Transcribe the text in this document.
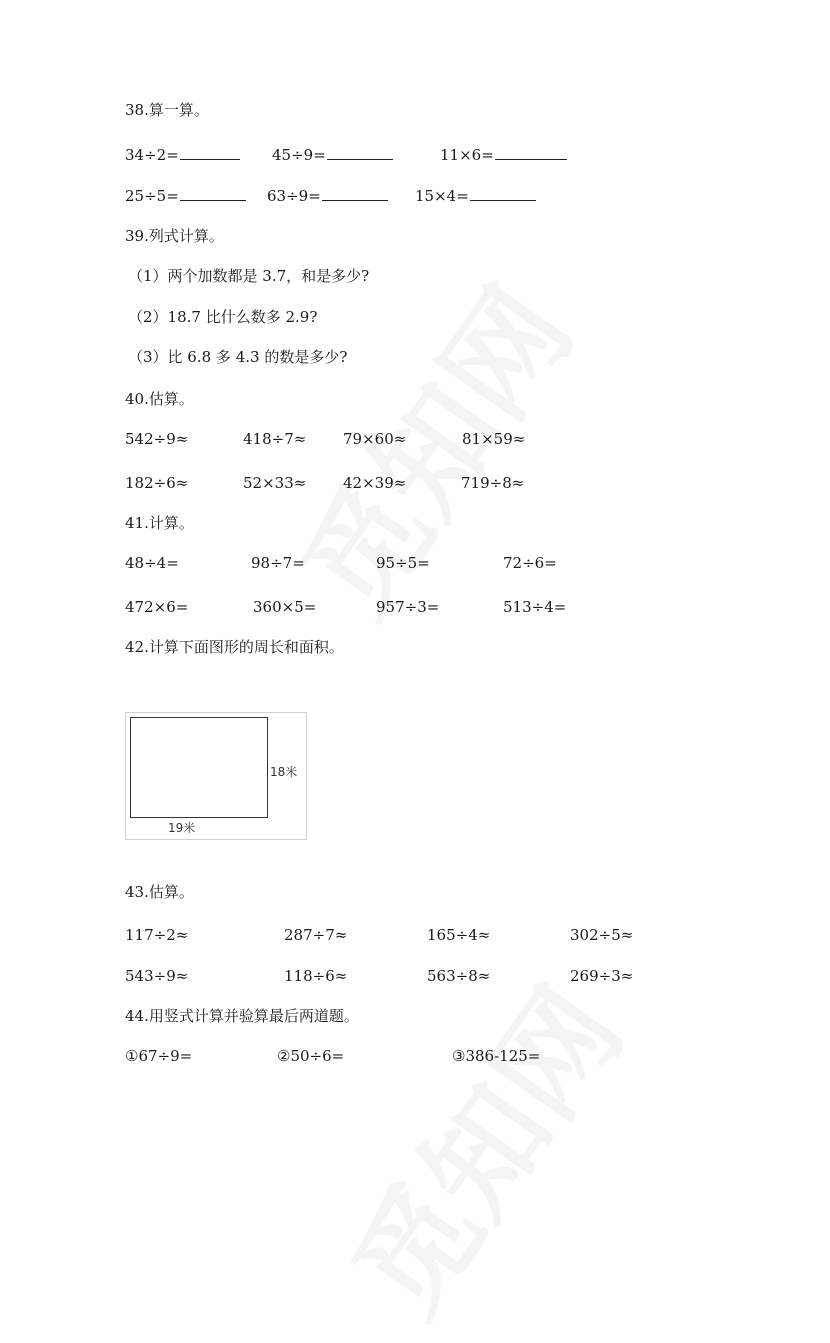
38.算一算。
34÷2=	45÷9=	11×6=
25÷5=	63÷9=	15×4=
39.列式计算。
（1）两个加数都是 3.7，和是多少?
（2）18.7 比什么数多 2.9?
（3）比 6.8 多 4.3 的数是多少?
40.估算。
542÷9≈	418÷7≈ 79×60≈	81×59≈
182÷6≈	52×33≈ 42×39≈	719÷8≈
41.计算。
48÷4=	98÷7=	95÷5=	72÷6=
472×6=	360×5=	957÷3=	513÷4=
42.计算下面图形的周长和面积。
18米
19米
43.估算。
117÷2≈	287÷7≈	165÷4≈	302÷5≈
543÷9≈	118÷6≈	563÷8≈	269÷3≈
44.用竖式计算并验算最后两道题。
①67÷9=	②50÷6=	③386-125=
